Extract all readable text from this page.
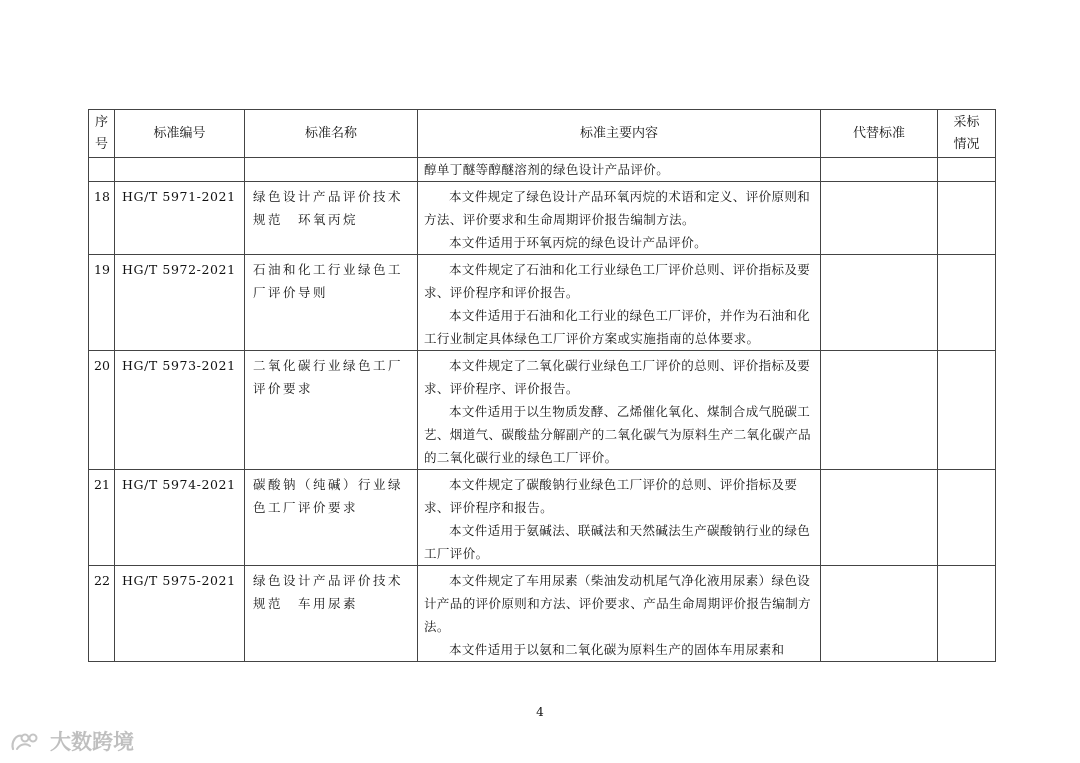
序
号	标准编号	标准名称	标准主要内容	代替标准	采标
情况

			醇单丁醚等醇醚溶剂的绿色设计产品评价。		

18	HG/T 5971-2021	绿色设计产品评价技术规范　环氧丙烷	本文件规定了绿色设计产品环氧丙烷的术语和定义、评价原则和方法、评价要求和生命周期评价报告编制方法。

本文件适用于环氧丙烷的绿色设计产品评价。		

19	HG/T 5972-2021	石油和化工行业绿色工厂评价导则	本文件规定了石油和化工行业绿色工厂评价总则、评价指标及要求、评价程序和评价报告。

本文件适用于石油和化工行业的绿色工厂评价，并作为石油和化工行业制定具体绿色工厂评价方案或实施指南的总体要求。		

20	HG/T 5973-2021	二氧化碳行业绿色工厂评价要求	本文件规定了二氧化碳行业绿色工厂评价的总则、评价指标及要求、评价程序、评价报告。

本文件适用于以生物质发酵、乙烯催化氧化、煤制合成气脱碳工艺、烟道气、碳酸盐分解副产的二氧化碳气为原料生产二氧化碳产品的二氧化碳行业的绿色工厂评价。		

21	HG/T 5974-2021	碳酸钠（纯碱）行业绿色工厂评价要求	本文件规定了碳酸钠行业绿色工厂评价的总则、评价指标及要求、评价程序和报告。

本文件适用于氨碱法、联碱法和天然碱法生产碳酸钠行业的绿色工厂评价。		

22	HG/T 5975-2021	绿色设计产品评价技术规范　车用尿素	本文件规定了车用尿素（柴油发动机尾气净化液用尿素）绿色设计产品的评价原则和方法、评价要求、产品生命周期评价报告编制方法。

本文件适用于以氨和二氧化碳为原料生产的固体车用尿素和		

4
大数跨境
